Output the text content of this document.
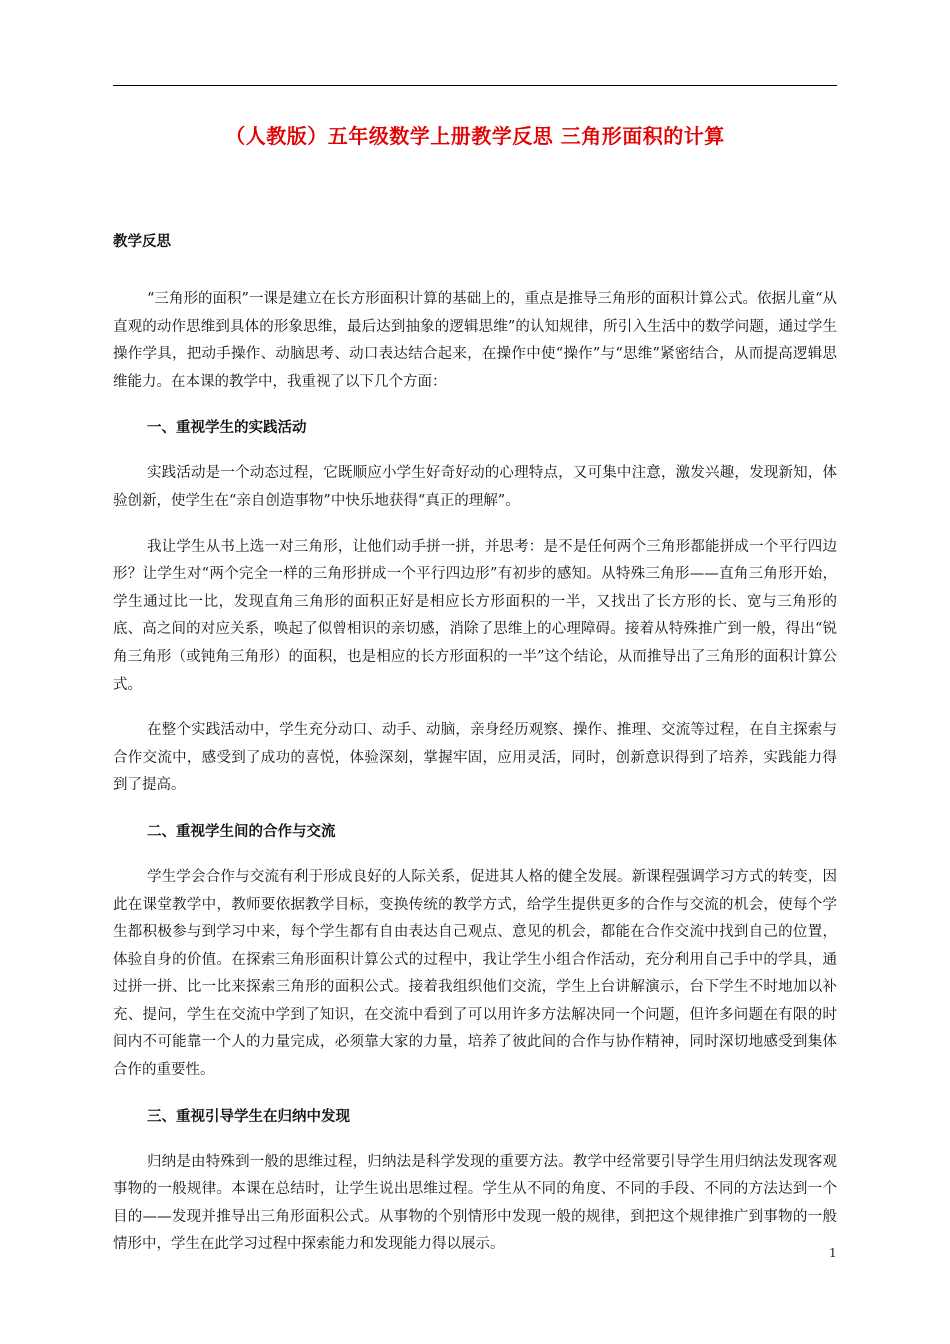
（人教版）五年级数学上册教学反思 三角形面积的计算

教学反思

“三角形的面积”一课是建立在长方形面积计算的基础上的，重点是推导三角形的面积计算公式。依据儿童“从直观的动作思维到具体的形象思维，最后达到抽象的逻辑思维”的认知规律，所引入生活中的数学问题，通过学生操作学具，把动手操作、动脑思考、动口表达结合起来，在操作中使“操作”与“思维”紧密结合，从而提高逻辑思维能力。在本课的教学中，我重视了以下几个方面：

一、重视学生的实践活动

实践活动是一个动态过程，它既顺应小学生好奇好动的心理特点，又可集中注意，激发兴趣，发现新知，体验创新，使学生在“亲自创造事物”中快乐地获得“真正的理解”。

我让学生从书上选一对三角形，让他们动手拼一拼，并思考：是不是任何两个三角形都能拼成一个平行四边形？让学生对“两个完全一样的三角形拼成一个平行四边形”有初步的感知。从特殊三角形——直角三角形开始，学生通过比一比，发现直角三角形的面积正好是相应长方形面积的一半，又找出了长方形的长、宽与三角形的底、高之间的对应关系，唤起了似曾相识的亲切感，消除了思维上的心理障碍。接着从特殊推广到一般，得出“锐角三角形（或钝角三角形）的面积，也是相应的长方形面积的一半”这个结论，从而推导出了三角形的面积计算公式。

在整个实践活动中，学生充分动口、动手、动脑，亲身经历观察、操作、推理、交流等过程，在自主探索与合作交流中，感受到了成功的喜悦，体验深刻，掌握牢固，应用灵活，同时，创新意识得到了培养，实践能力得到了提高。

二、重视学生间的合作与交流

学生学会合作与交流有利于形成良好的人际关系，促进其人格的健全发展。新课程强调学习方式的转变，因此在课堂教学中，教师要依据教学目标，变换传统的教学方式，给学生提供更多的合作与交流的机会，使每个学生都积极参与到学习中来，每个学生都有自由表达自己观点、意见的机会，都能在合作交流中找到自己的位置，体验自身的价值。在探索三角形面积计算公式的过程中，我让学生小组合作活动，充分利用自己手中的学具，通过拼一拼、比一比来探索三角形的面积公式。接着我组织他们交流，学生上台讲解演示，台下学生不时地加以补充、提问，学生在交流中学到了知识，在交流中看到了可以用许多方法解决同一个问题，但许多问题在有限的时间内不可能靠一个人的力量完成，必须靠大家的力量，培养了彼此间的合作与协作精神，同时深切地感受到集体合作的重要性。

三、重视引导学生在归纳中发现

归纳是由特殊到一般的思维过程，归纳法是科学发现的重要方法。教学中经常要引导学生用归纳法发现客观事物的一般规律。本课在总结时，让学生说出思维过程。学生从不同的角度、不同的手段、不同的方法达到一个目的——发现并推导出三角形面积公式。从事物的个别情形中发现一般的规律，到把这个规律推广到事物的一般情形中，学生在此学习过程中探索能力和发现能力得以展示。

1
